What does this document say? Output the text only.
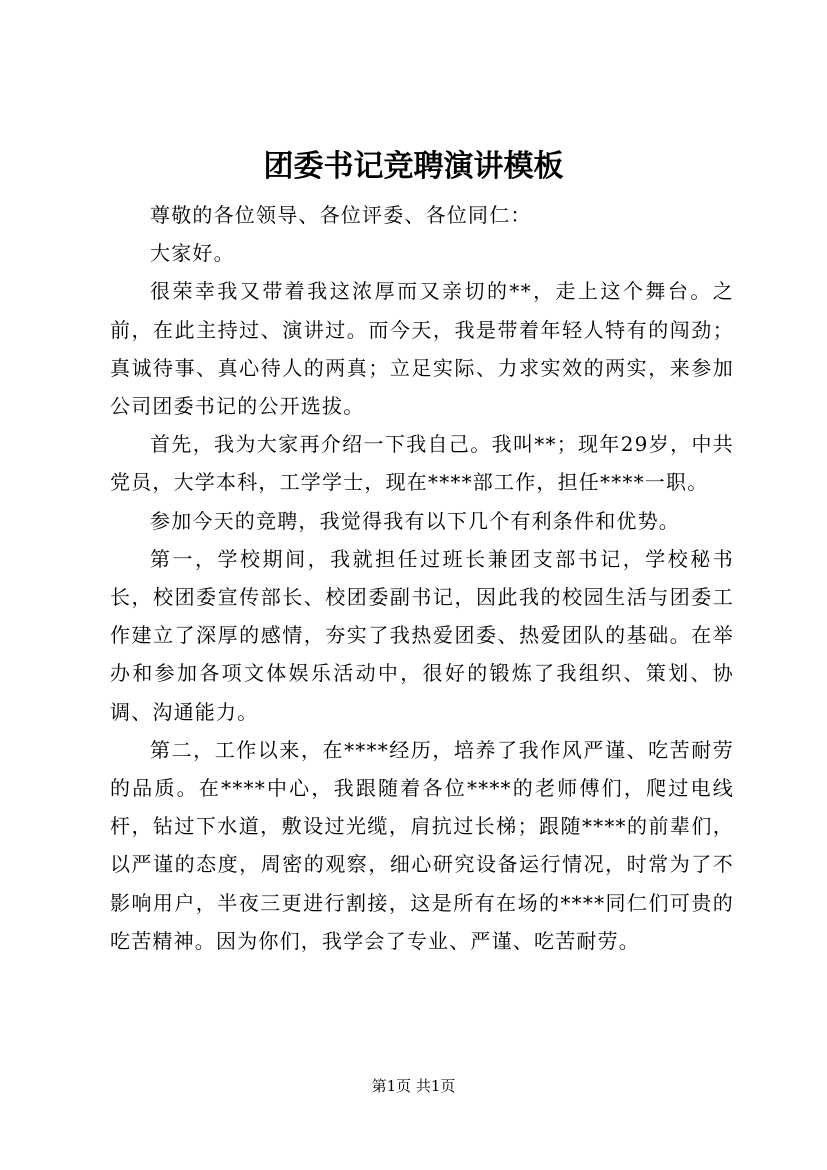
团委书记竞聘演讲模板

尊敬的各位领导、各位评委、各位同仁：

大家好。

很荣幸我又带着我这浓厚而又亲切的**，走上这个舞台。之前，在此主持过、演讲过。而今天，我是带着年轻人特有的闯劲；真诚待事、真心待人的两真；立足实际、力求实效的两实，来参加公司团委书记的公开选拔。

首先，我为大家再介绍一下我自己。我叫**；现年29岁，中共党员，大学本科，工学学士，现在****部工作，担任****一职。

参加今天的竞聘，我觉得我有以下几个有利条件和优势。

第一，学校期间，我就担任过班长兼团支部书记，学校秘书长，校团委宣传部长、校团委副书记，因此我的校园生活与团委工作建立了深厚的感情，夯实了我热爱团委、热爱团队的基础。在举办和参加各项文体娱乐活动中，很好的锻炼了我组织、策划、协调、沟通能力。

第二，工作以来，在****经历，培养了我作风严谨、吃苦耐劳的品质。在****中心，我跟随着各位****的老师傅们，爬过电线杆，钻过下水道，敷设过光缆，肩抗过长梯；跟随****的前辈们，以严谨的态度，周密的观察，细心研究设备运行情况，时常为了不影响用户，半夜三更进行割接，这是所有在场的****同仁们可贵的吃苦精神。因为你们，我学会了专业、严谨、吃苦耐劳。

第1页 共1页
